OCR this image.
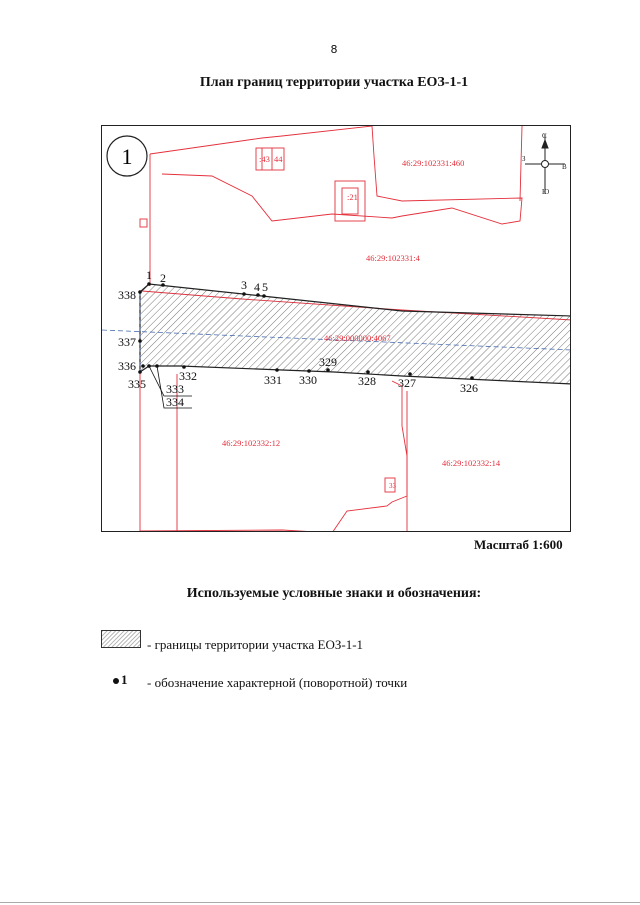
8
План границ территории участка ЕОЗ-1-1
1
С
Ю
З
В
46:29:102331:460
46:29:102331:4
46:29:000000:4067
46:29:102332:12
46:29:102332:14
:21
:43 44
33
1 2	3 4 5
338
337
336
335 333
334
332	331 330
329
328 327	326
Масштаб 1:600
Используемые условные знаки и обозначения:
- границы территории участка ЕОЗ-1-1
1 - обозначение характерной (поворотной) точки
